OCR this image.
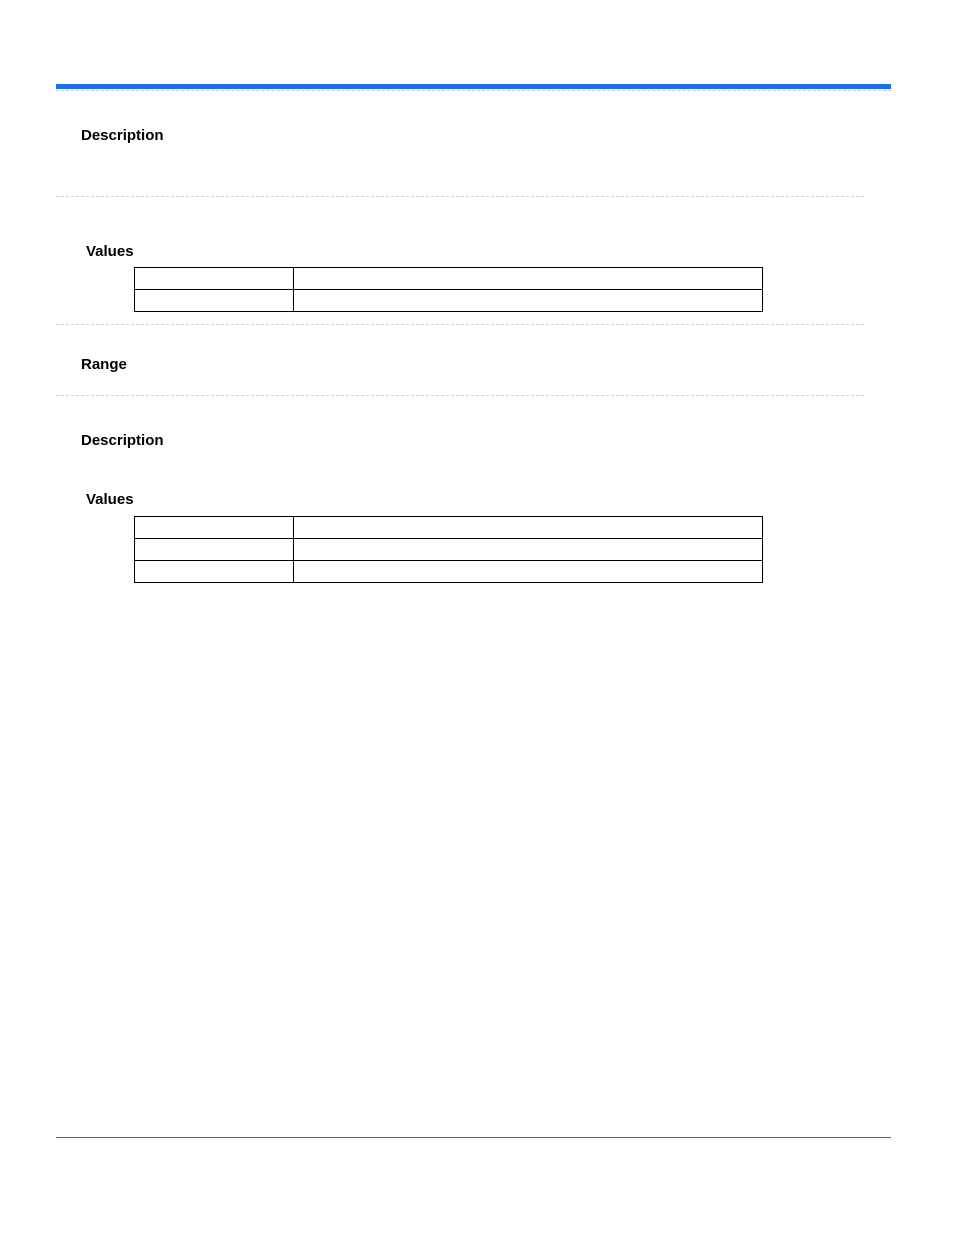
Description
Values

Range
Description
Values
